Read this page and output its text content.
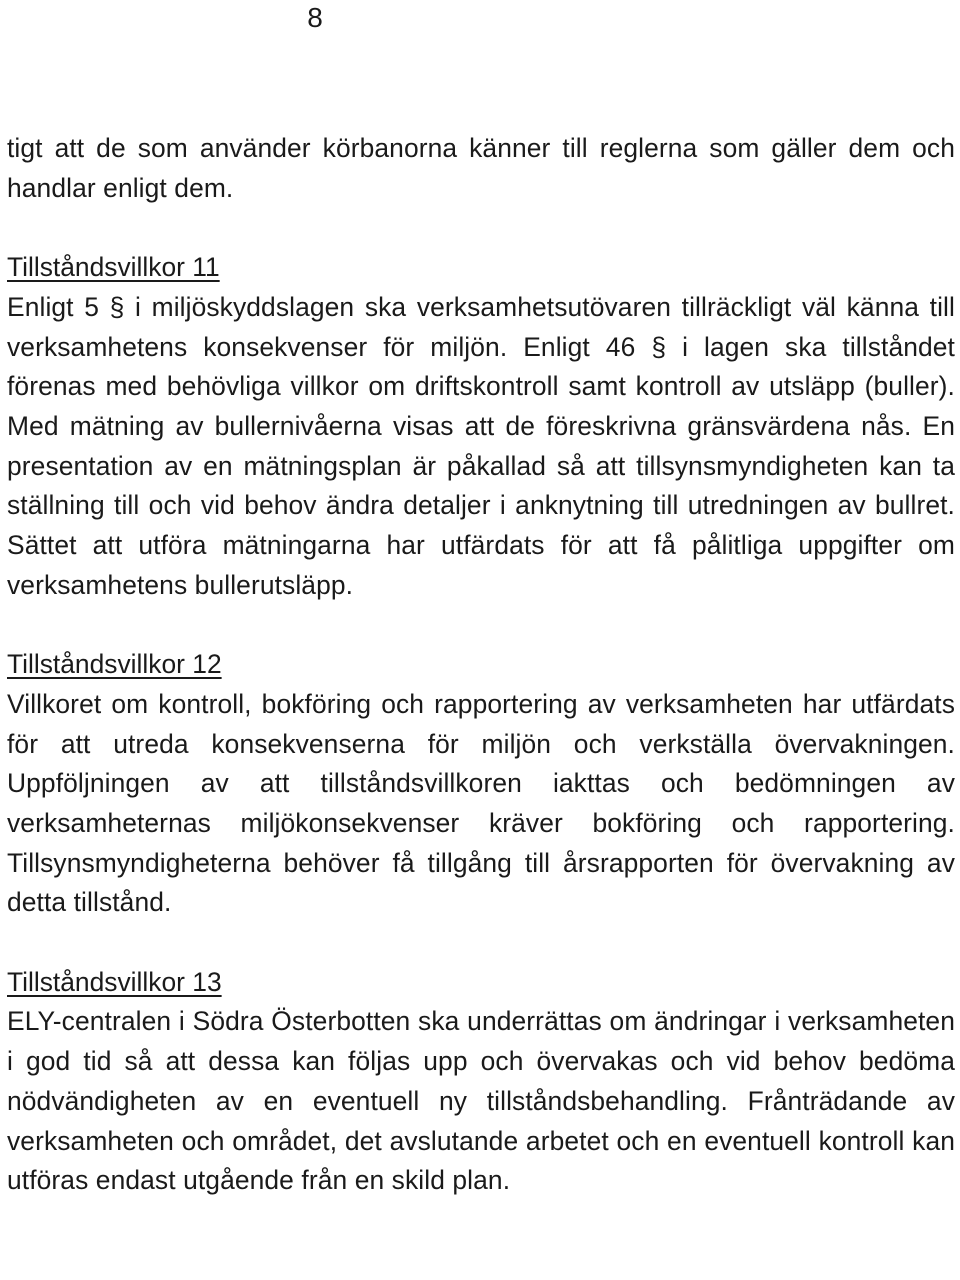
8

tigt att de som använder körbanorna känner till reglerna som gäller dem och handlar enligt dem.

Tillståndsvillkor 11

Enligt 5 § i miljöskyddslagen ska verksamhetsutövaren tillräckligt väl känna till verksamhetens konsekvenser för miljön. Enligt 46 § i lagen ska tillståndet förenas med behövliga villkor om driftskontroll samt kontroll av utsläpp (buller). Med mätning av bullernivåerna visas att de föreskrivna gränsvärdena nås. En presentation av en mätningsplan är påkallad så att tillsynsmyndigheten kan ta ställning till och vid behov ändra detaljer i anknytning till utredningen av bullret. Sättet att utföra mätningarna har utfärdats för att få pålitliga uppgifter om verksamhetens bullerutsläpp.

Tillståndsvillkor 12

Villkoret om kontroll, bokföring och rapportering av verksamheten har utfärdats för att utreda konsekvenserna för miljön och verkställa övervakningen. Uppföljningen av att tillståndsvillkoren iakttas och bedömningen av verksamheternas miljökonsekvenser kräver bokföring och rapportering. Tillsynsmyndigheterna behöver få tillgång till årsrapporten för övervakning av detta tillstånd.

Tillståndsvillkor 13

ELY-centralen i Södra Österbotten ska underrättas om ändringar i verksamheten i god tid så att dessa kan följas upp och övervakas och vid behov bedöma nödvändigheten av en eventuell ny tillståndsbehandling. Frånträdande av verksamheten och området, det avslutande arbetet och en eventuell kontroll kan utföras endast utgående från en skild plan.
